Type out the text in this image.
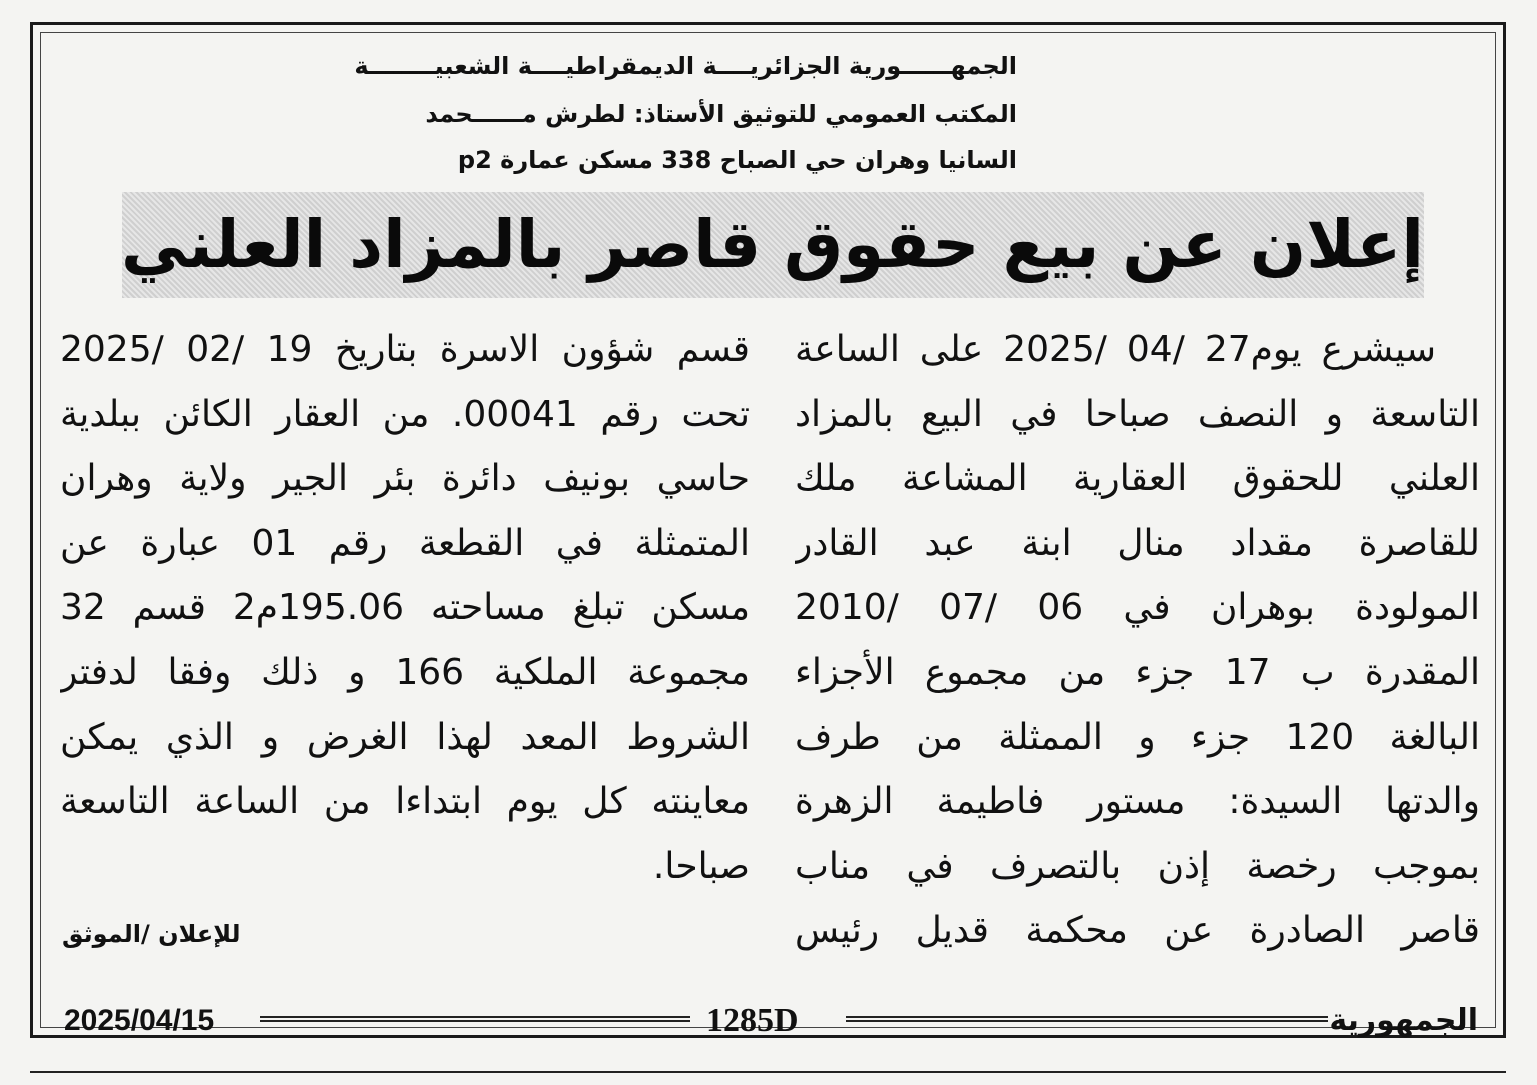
الجمهــــــورية الجزائريــــة الديمقراطيــــة الشعبيــــــــة
المكتب العمومي للتوثيق الأستاذ: لطرش مــــــحمد
السانيا وهران حي الصباح 338 مسكن عمارة p2
إعلان عن بيع حقوق قاصر بالمزاد العلني
سيشرع يوم27 /04 /2025 على الساعة
التاسعة و النصف صباحا في البيع بالمزاد
العلني للحقوق العقارية المشاعة ملك
للقاصرة مقداد منال ابنة عبد القادر
المولودة بوهران في 06 /07 /2010
المقدرة ب 17 جزء من مجموع الأجزاء
البالغة 120 جزء و الممثلة من طرف
والدتها السيدة: مستور فاطيمة الزهرة
بموجب رخصة إذن بالتصرف في مناب
قاصر الصادرة عن محكمة قديل رئيس
قسم شؤون الاسرة بتاريخ 19 /02 /2025
تحت رقم 00041. من العقار الكائن ببلدية
حاسي بونيف دائرة بئر الجير ولاية وهران
المتمثلة في القطعة رقم 01 عبارة عن
مسكن تبلغ مساحته 195.06م2 قسم 32
مجموعة الملكية 166 و ذلك وفقا لدفتر
الشروط المعد لهذا الغرض و الذي يمكن
معاينته كل يوم ابتداءا من الساعة التاسعة
صباحا.
للإعلان /الموثق
2025/04/15	1285D	الجمهورية
